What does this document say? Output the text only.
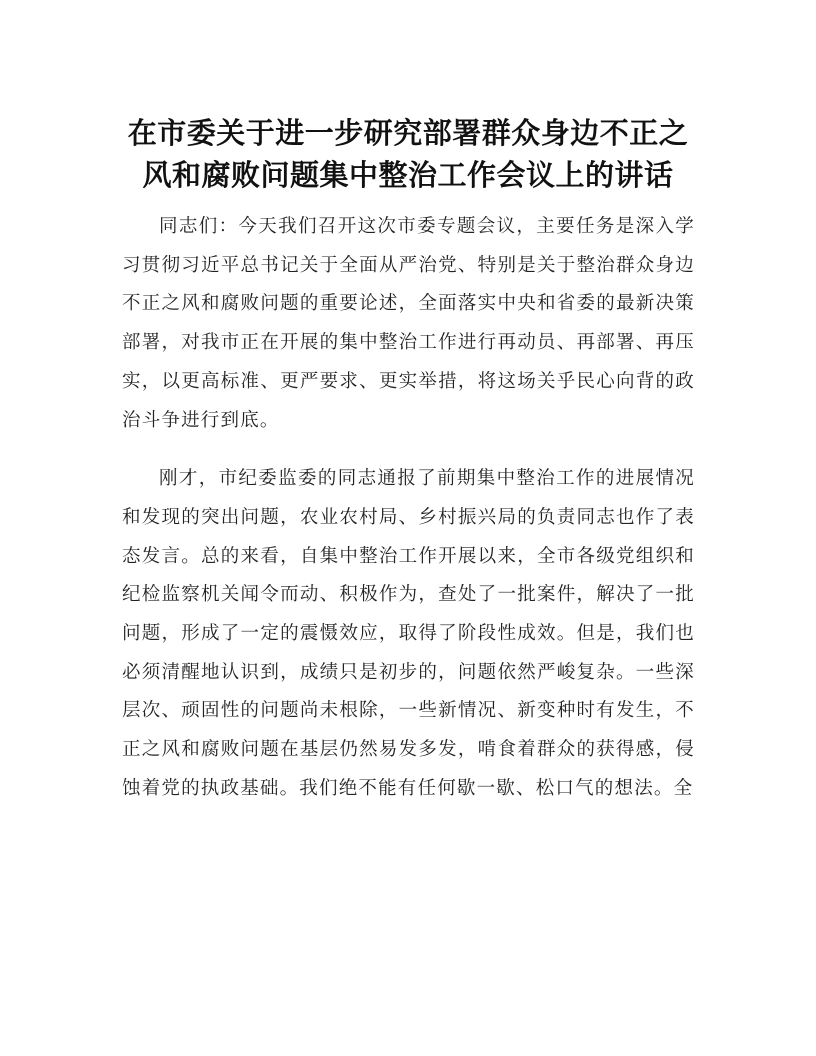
在市委关于进一步研究部署群众身边不正之
风和腐败问题集中整治工作会议上的讲话

同志们：今天我们召开这次市委专题会议，主要任务是深入学习贯彻习近平总书记关于全面从严治党、特别是关于整治群众身边不正之风和腐败问题的重要论述，全面落实中央和省委的最新决策部署，对我市正在开展的集中整治工作进行再动员、再部署、再压实，以更高标准、更严要求、更实举措，将这场关乎民心向背的政治斗争进行到底。

刚才，市纪委监委的同志通报了前期集中整治工作的进展情况和发现的突出问题，农业农村局、乡村振兴局的负责同志也作了表态发言。总的来看，自集中整治工作开展以来，全市各级党组织和纪检监察机关闻令而动、积极作为，查处了一批案件，解决了一批问题，形成了一定的震慑效应，取得了阶段性成效。但是，我们也必须清醒地认识到，成绩只是初步的，问题依然严峻复杂。一些深层次、顽固性的问题尚未根除，一些新情况、新变种时有发生，不正之风和腐败问题在基层仍然易发多发，啃食着群众的获得感，侵蚀着党的执政基础。我们绝不能有任何歇一歇、松口气的想法。全
